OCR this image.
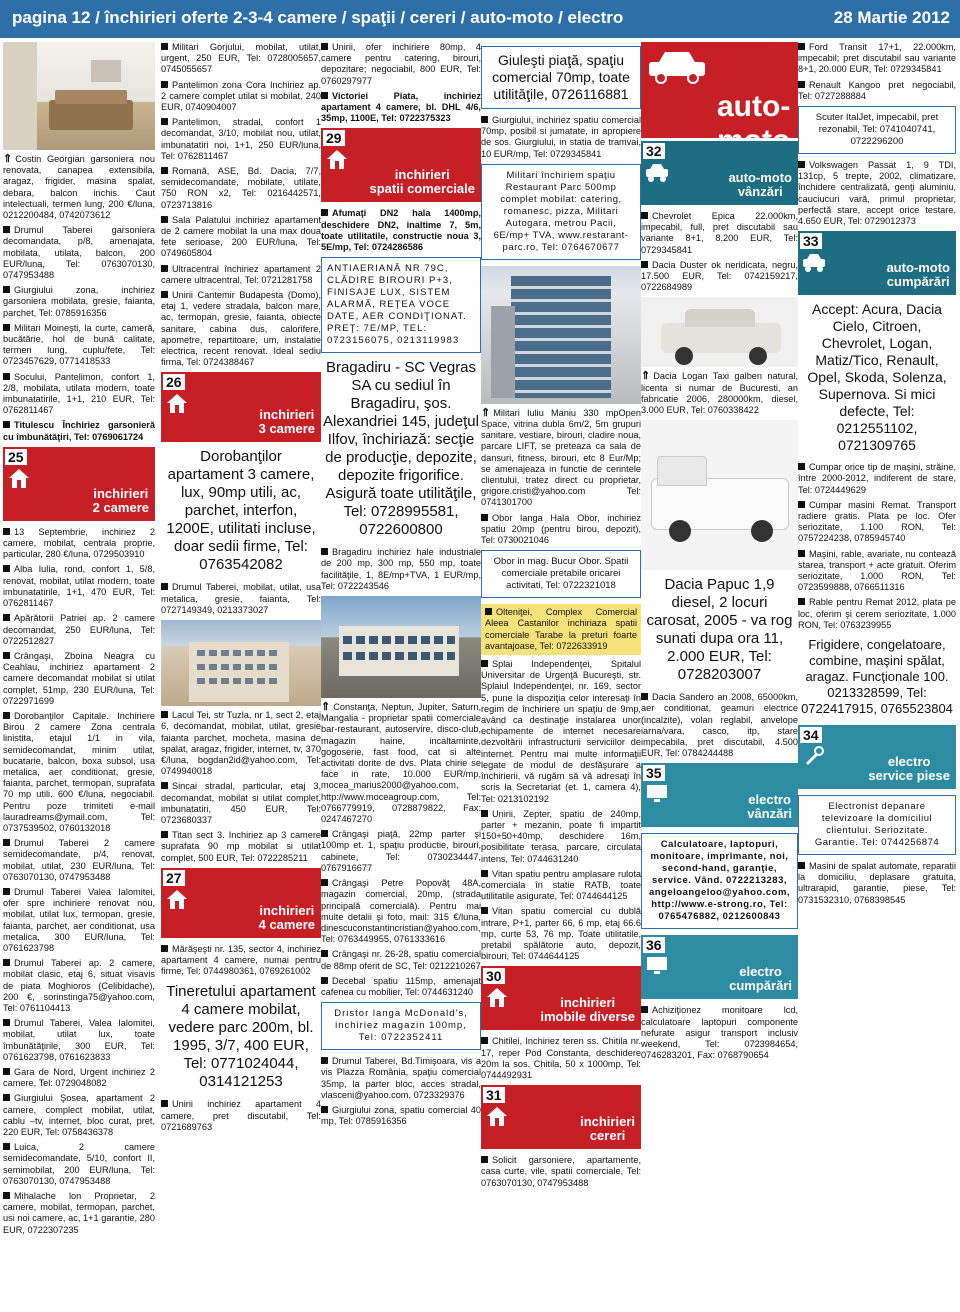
pagina 12 / închirieri oferte 2-3-4 camere / spaţii / cereri / auto-moto / electro	28 Martie 2012
⇑ Costin Georgian garsoniera nou renovata, canapea extensibila, aragaz, frigider, masina spalat, debara, balcon inchis. Caut intelectuali, termen lung, 200 €/luna, 0212200484, 0742073612
Drumul Taberei garsoniera decomandata, p/8, amenajata, mobilata, utilata, balcon, 200 EUR/luna, Tel: 0763070130, 0747953488
Giurgiului zona, inchiriez garsoniera mobilata, gresie, faianta, parchet, Tel: 0785916356
Militari Moineşti, la curte, cameră, bucătărie, hol de bună calitate, termen lung, cuplu/fete, Tel: 0723457629, 0771418533
Socului, Pantelimon, confort 1, 2/8, mobilata, utilata modern, toate imbunatatirile, 1+1, 210 EUR, Tel: 0762811467
Titulescu Închiriez garsonieră cu îmbunătăţiri, Tel: 0769061724
25
inchirieri
2 camere
13 Septembrie, inchiriez 2 camere, mobilat, centrala proprie, particular, 280 €/luna, 0729503910
Alba Iulia, rond, confort 1, 5/8, renovat, mobilat, utilat modern, toate imbunatatirile, 1+1, 470 EUR, Tel: 0762811467
Apărătorii Patriei ap. 2 camere decomandat, 250 EUR/luna, Tel: 0722512827
Crângaşi, Zboina Neagra cu Ceahlau, inchiriez apartament 2 camere decomandat mobilat si utilat complet, 51mp, 230 EUR/luna, Tel: 0722971699
Dorobanţilor Capitale. Inchiriere Birou 2 camere Zona centrala linistita, etajul 1/1 in vila, semidecomandat, minim utilat, bucatarie, balcon, boxa subsol, usa metalica, aer conditionat, gresie, faianta, parchet, termopan, suprafata 70 mp utili. 600 €/luna, negociabil. Pentru poze trimiteti e-mail lauradreams@ymail.com, Tel: 0737539502, 0760132018
Drumul Taberei 2 camere semidecomandate, p/4, renovat, mobilat, utilat, 230 EUR/luna, Tel: 0763070130, 0747953488
Drumul Taberei Valea Ialomitei, ofer spre inchiriere renovat nou, mobilat, utilat lux, termopan, gresie, faianta, parchet, aer conditionat, usa metalica, 300 EUR/luna, Tel: 0761623798
Drumul Taberei ap. 2 camere, mobilat clasic, etaj 6, situat visavis de piata Moghioros (Celibidache), 200 €, sorinstinga75@yahoo.com, Tel: 0761104413
Drumul Taberei, Valea Ialomitei, mobilat, utilat lux, toate îmbunătăţirile, 300 EUR, Tel: 0761623798, 0761623833
Gara de Nord, Urgent inchiriez 2 camere, Tel: 0729048082
Giurgiului Şosea, apartament 2 camere, complect mobilat, utilat, cablu –tv, internet, bloc curat, pret, 220 EUR, Tel: 0758436378
Luica, 2 camere semidecomandate, 5/10, confort II, semimobilat, 200 EUR/luna, Tel: 0763070130, 0747953488
Mihalache lon Proprietar, 2 camere, mobilat, termopan, parchet, usi noi camere, ac, 1+1 garantie, 280 EUR, 0722307235
Militari Gorjului, mobilat, utilat, urgent, 250 EUR, Tel: 0728005657, 0745055657
Pantelimon zona Cora Inchiriez ap. 2 camere complet utilat si mobilat, 240 EUR, 0740904007
Pantelimon, stradal, confort 1 decomandat, 3/10, mobilat nou, utilat, imbunatatiri noi, 1+1, 250 EUR/luna, Tel: 0762811467
Romană, ASE, Bd. Dacia, 7/7, semidecomandate, mobilate, utilate, 750 RON x2, Tel: 0216442571, 0723713816
Sala Palatului inchiriez apartament de 2 camere mobilat la una max doua fete serioase, 200 EUR/luna, Tel: 0749605804
Ultracentral închiriez apartament 2 camere ultracentral, Tel: 0721281758
Unirii Cantemir Budapesta (Domo), etaj 1, vedere stradala, balcon mare, ac, termopan, gresie, faianta, obiecte sanitare, cabina dus, calorifere, apometre, repartitoare, um, instalatie electrica, recent renovat. Ideal sediu firma, Tel: 0724388467
26
inchirieri
3 camere
Dorobanţilor apartament 3 camere, lux, 90mp utili, ac, parchet, interfon, 1200E, utilitati incluse, doar sedii firme, Tel: 0763542082
Drumul Taberei, mobilat, utilat, usa metalica, gresie, faianta, Tel: 0727149349, 0213373027
Lacul Tei, str Tuzla, nr 1, sect 2, etaj 6, decomandat, mobilat, utilat, gresie faianta parchet, mocheta, masina de spalat, aragaz, frigider, internet, tv, 370 €/luna, bogdan2id@yahoo.com, Tel: 0749940018
Sincai stradal, particular, etaj 3, decomandat, mobilat si utilat complet, imbunatatiri, 450 EUR, Tel: 0723680337
Titan sect 3. Inchiriez ap 3 camere suprafata 90 mp mobilat si utilat complet, 500 EUR, Tel: 0722285211
27
inchirieri
4 camere
Mărăşeşti nr. 135, sector 4, inchiriez apartament 4 camere, numai pentru firme, Tel: 0744980361, 0769261002
Tineretului apartament 4 camere mobilat, vedere parc 200m, bl. 1995, 3/7, 400 EUR, Tel: 0771024044, 0314121253
Unirii inchiriez apartament 4 camere, pret discutabil, Tel: 0721689763
Unirii, ofer inchiriere 80mp, 4 camere pentru catering, birouri, depozitare; negociabil, 800 EUR, Tel: 0760297977
Victoriei Piata, inchiriez apartament 4 camere, bl. DHL 4/6, 35mp, 1100E, Tel: 0722375323
29
inchirieri
spatii comerciale
Afumaţi DN2 hala 1400mp, deschidere DN2, inaltime 7, 5m, toate utilitatile, constructie noua 3, 5E/mp, Tel: 0724286586
ANTIAERIANĂ NR 79C, CLĂDIRE BIROURI P+3, FINISAJE LUX, SISTEM ALARMĂ, REŢEA VOCE DATE, AER CONDIŢIONAT. PREŢ: 7E/MP, TEL: 0723156075, 0213119983
Bragadiru - SC Vegras SA cu sediul în Bragadiru, şos. Alexandriei 145, judeţul Ilfov, închiriază: secţie de producţie, depozite, depozite frigorifice. Asigură toate utilităţile, Tel: 0728995581, 0722600800
Bragadiru inchiriez hale industriale de 200 mp, 300 mp, 550 mp, toate facilităţile, 1, 8E/mp+TVA, 1 EUR/mp, Tel: 0722243546
⇑ Constanţa, Neptun, Jupiter, Saturn, Mangalia - proprietar spatii comerciale bar-restaurant, autoservire, disco-club, magazin haine, incaltaminte, gogoserie, fast food, cat si alte activitati dorite de dvs. Plata chirie se face in rate, 10.000 EUR/mp, mocea_marius2000@yahoo.com, http://www.moceagroup.com, Tel: 0766779919, 0728879822, Fax: 0247467270
Crângaşi piaţă, 22mp parter şi 100mp et. 1, spaţiu productie, birouri, cabinete, Tel: 0730234447, 0767916677
Crângaşi Petre Popovăţ 48A, magazin comercial, 20mp, (strada principală comercială). Pentru mai multe detalii şi foto, mail: 315 €/luna, dinescuconstantincristian@yahoo.com, Tel: 0763449955, 0761333616
Crângaşi nr. 26-28, spatiu comercial de 88mp oferit de SC, Tel: 0212210267
Decebal spatiu 115mp, amenajat cafenea cu mobilier, Tel: 0744631240
Dristor langa McDonald's, inchiriez magazin 100mp, Tel: 0722352411
Drumul Taberei, Bd.Timişoara, vis a vis Plazza România, spaţiu comercial 35mp, la parter bloc, acces stradal, vlasceni@yahoo.com, 0723329376
Giurgiului zona, spatiu comercial 40 mp, Tel: 0785916356
Giuleşti piaţă, spaţiu comercial 70mp, toate utilităţile, 0726116881
Giurgiului, inchiriez spatiu comercial 70mp, posibil si jumatate, in apropiere de sos. Giurgiului, in statia de tramvai, 10 EUR/mp, Tel: 0729345841
Militari închiriem spaţiu Restaurant Parc 500mp complet mobilat: catering, romanesc, pizza, Militari Autogara, metrou Pacii, 6E/mp+ TVA, www.restarant-parc.ro, Tel: 0764670677
⇑ Militari Iuliu Maniu 330 mpOpen Space, vitrina dubla 6m/2, 5m grupuri sanitare, vestiare, birouri, cladire noua, parcare LIFT, se preteaza ca sala de dansuri, fitness, birouri, etc 8 Eur/Mp; se amenajeaza in functie de cerintele clientului, tratez direct cu proprietar, grigore.cristi@yahoo.com Tel: 0741301700
Obor langa Hala Obor, inchiriez spatiu 20mp (pentru birou, depozit), Tel: 0730021046
Obor in mag. Bucur Obor. Spatii comerciale pretabile oricarei activitati, Tel: 0722321018
Olteniţei, Complex Comercial Aleea Castanilor inchiriaza spatii comerciale Tarabe la preturi foarte avantajoase, Tel: 0722633919
Splai Independenţei, Spitalul Universitar de Urgenţă Bucureşti, str. Splaiul Independenţei, nr. 169, sector 5, pune la dispoziţia celor interesaţi în regim de închiriere un spaţiu de 9mp, având ca destinaţie instalarea unor echipamente de internet necesare dezvoltării infrastructurii serviciilor de internet. Pentru mai multe informaţii legate de modul de desfăşurare a închirierii, vă rugăm să vă adresaţi în scris la Secretariat (et. 1, camera 4), Tel: 0213102192
Unirii, Zepter, spatiu de 240mp, parter + mezanin, poate fi impartit 150+50+40mp, deschidere 16m, posibilitate terasa, parcare, circulata intens, Tel: 0744631240
Vitan spatiu pentru amplasare rulota comerciala în statie RATB, toate utilitatile asigurate, Tel: 0744644125
Vitan spatiu comercial cu dublă intrare, P+1, parter 66, 6 mp, etaj 66.6 mp, curte 53, 76 mp. Toate utilitatile, pretabil spălătorie auto, depozit, birouri, Tel: 0744644125
30
inchirieri
imobile diverse
Chitilei, Inchiriez teren ss. Chitila nr. 17, reper Pod Constanta, deschidere 20m la sos. Chitila, 50 x 1000mp, Tel: 0744492931
31
inchirieri
cereri
Solicit garsoniere, apartamente, casa curte, vile, spatii comerciale, Tel: 0763070130, 0747953488
auto-
32
auto-moto
vânzări
Chevrolet Epica 22.000km, impecabil, full, pret discutabil sau variante 8+1, 8.200 EUR, Tel: 0729345841
Dacia Duster ok neridicata, negru, 17.500 EUR, Tel: 0742159217, 0722684989
⇑ Dacia Logan Taxi galben natural, licenta si numar de Bucuresti, an fabricatie 2006, 280000km, diesel, 3.000 EUR, Tel: 0760338422
Dacia Papuc 1,9 diesel, 2 locuri carosat, 2005 - va rog sunati dupa ora 11, 2.000 EUR, Tel: 0728203007
Dacia Sandero an 2008, 65000km, aer conditionat, geamuri electrice (incalzite), volan reglabil, anvelope iarna/vara, casco, itp, stare impecabila, pret discutabil, 4.500 EUR, Tel: 0784244488
35
electro
vânzări
Calculatoare, laptopuri, monitoare, imprimante, noi, second-hand, garanţie, service. Vând. 0722213283, angeloangeloo@yahoo.com, http://www.e-strong.ro, Tel: 0765476882, 0212600843
36
electro
cumpărări
Achiziţionez monitoare lcd, calculatoare laptopuri componente nefurate asigur transport inclusiv weekend, Tel: 0723984654, 0746283201, Fax: 0768790654
Ford Transit 17+1, 22.000km, impecabil; pret discutabil sau variante 8+1, 20.000 EUR, Tel: 0729345841
Renault Kangoo pret negociabil, Tel: 0727288884
Scuter ItalJet, impecabil, pret rezonabil, Tel: 0741040741, 0722296200
Volkswagen Passat 1, 9 TDI, 131cp, 5 trepte, 2002, climatizare, închidere centralizată, genţi aluminiu, cauciucuri vară, primul proprietar, perfectă stare, accept orice testare, 4.650 EUR, Tel: 0729012373
33
auto-moto
cumpărări
Accept: Acura, Dacia Cielo, Citroen, Chevrolet, Logan, Matiz/Tico, Renault, Opel, Skoda, Solenza, Supernova. Si mici defecte, Tel: 0212551102, 0721309765
Cumpar orice tip de maşini, străine, între 2000-2012, indiferent de stare, Tel: 0724449629
Cumpar masini Remat. Transport radiere gratis. Plata pe loc. Ofer seriozitate, 1.100 RON, Tel: 0757224238, 0785945740
Maşini, rable, avariate, nu contează starea, transport + acte gratuit. Oferim seriozitate, 1.000 RON, Tel: 0723599888, 0766511316
Rable pentru Remat 2012, plata pe loc, oferim şi cerem seriozitate, 1.000 RON, Tel: 0763239955
Frigidere, congelatoare, combine, maşini spălat, aragaz. Funcţionale 100. 0213328599, Tel: 0722417915, 0765523804
34
electro
service piese
Electronist depanare televizoare la domiciliul clientului. Seriozitate. Garantie. Tel: 0744256874
Masini de spalat automate, reparatii la domiciliu, deplasare gratuita, ultrarapid, garantie, piese, Tel: 0731532310, 0768398545
